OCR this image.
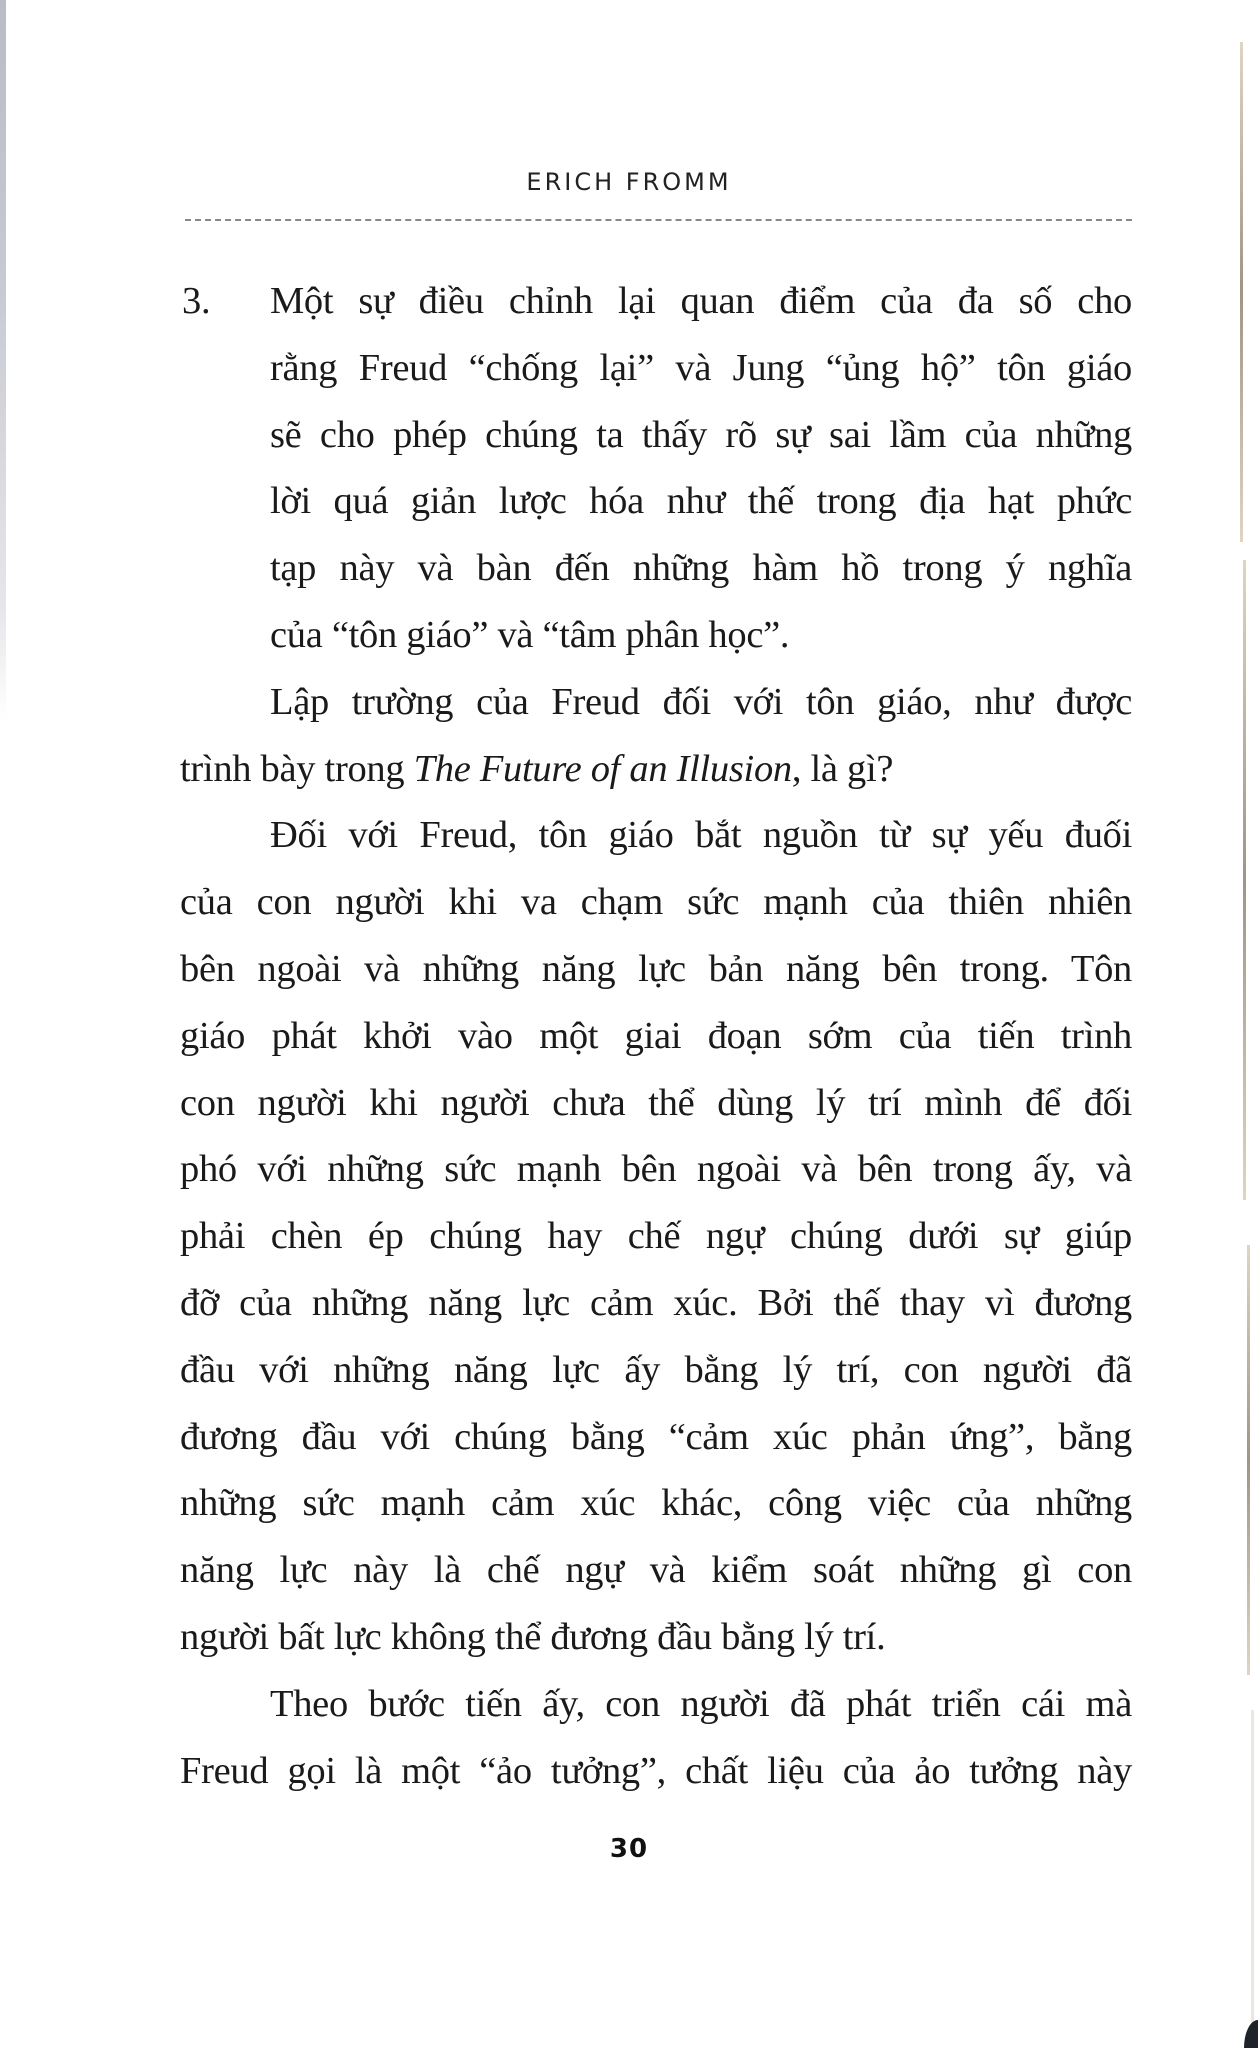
ERICH FROMM
3. Một sự điều chỉnh lại quan điểm của đa số cho
rằng Freud “chống lại” và Jung “ủng hộ” tôn giáo
sẽ cho phép chúng ta thấy rõ sự sai lầm của những
lời quá giản lược hóa như thế trong địa hạt phức
tạp này và bàn đến những hàm hồ trong ý nghĩa
của “tôn giáo” và “tâm phân học”.
Lập trường của Freud đối với tôn giáo, như được
trình bày trong The Future of an Illusion, là gì?
Đối với Freud, tôn giáo bắt nguồn từ sự yếu đuối
của con người khi va chạm sức mạnh của thiên nhiên
bên ngoài và những năng lực bản năng bên trong. Tôn
giáo phát khởi vào một giai đoạn sớm của tiến trình
con người khi người chưa thể dùng lý trí mình để đối
phó với những sức mạnh bên ngoài và bên trong ấy, và
phải chèn ép chúng hay chế ngự chúng dưới sự giúp
đỡ của những năng lực cảm xúc. Bởi thế thay vì đương
đầu với những năng lực ấy bằng lý trí, con người đã
đương đầu với chúng bằng “cảm xúc phản ứng”, bằng
những sức mạnh cảm xúc khác, công việc của những
năng lực này là chế ngự và kiểm soát những gì con
người bất lực không thể đương đầu bằng lý trí.
Theo bước tiến ấy, con người đã phát triển cái mà
Freud gọi là một “ảo tưởng”, chất liệu của ảo tưởng này
30
